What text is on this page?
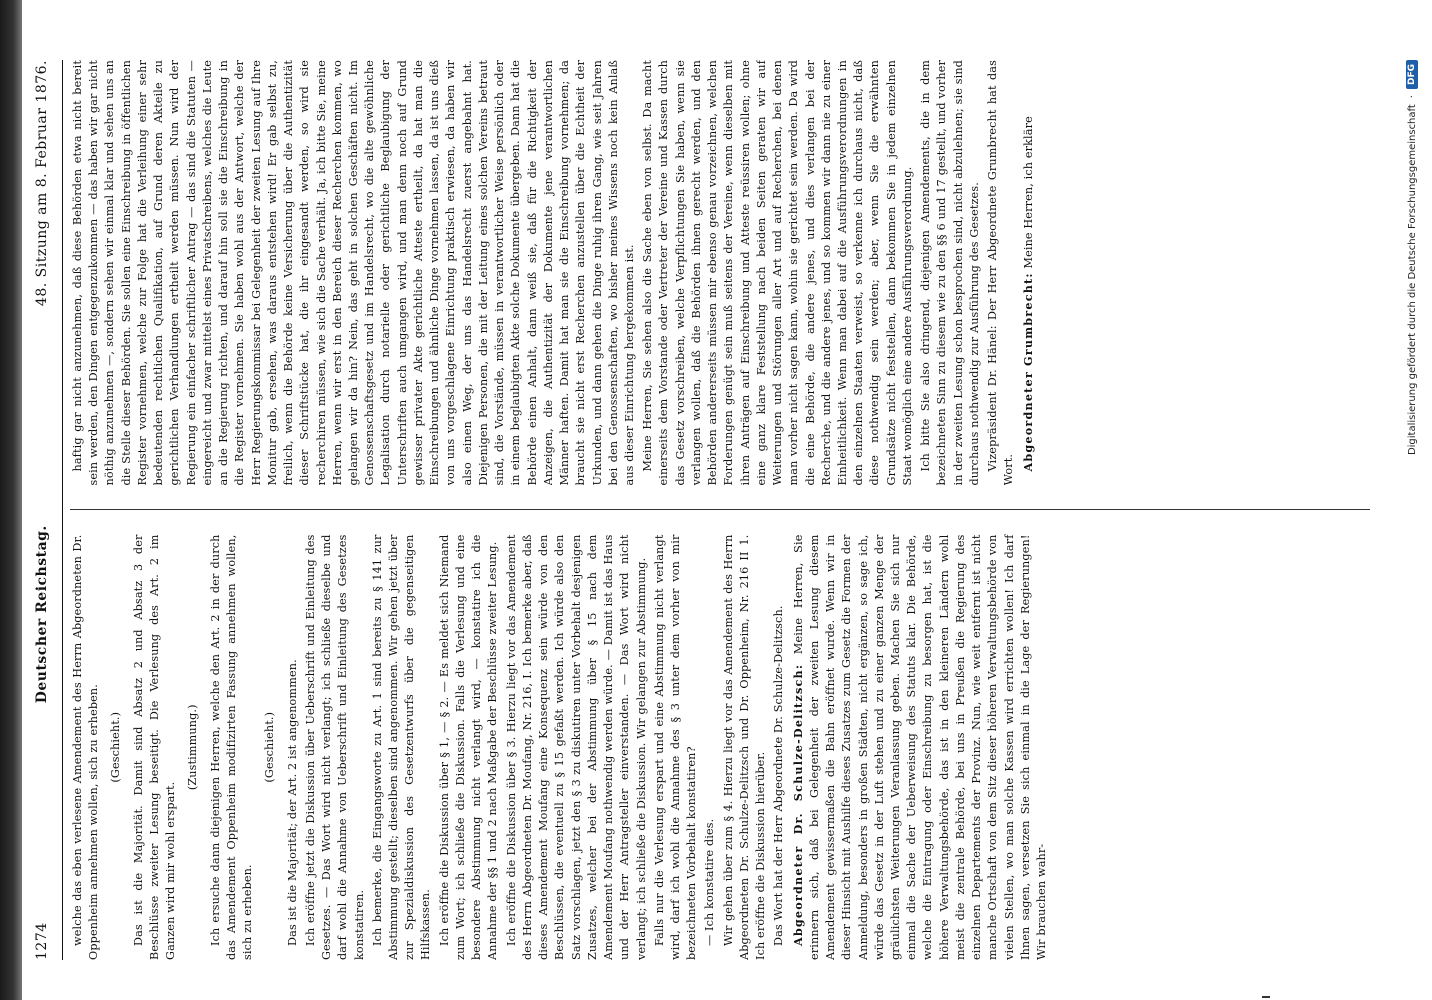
1274
Deutscher Reichstag.
48. Sitzung am 8. Februar 1876.

welche das eben verlesene Amendement des Herrn Abgeordneten Dr. Oppenheim annehmen wollen, sich zu erheben. (Geschieht.) Das ist die Majorität. Damit sind Absatz 2 und Absatz 3 der Beschlüsse zweiter Lesung beseitigt. Die Verlesung des Art. 2 im Ganzen wird mir wohl erspart.

(Zustimmung.) Ich ersuche dann diejenigen Herren, welche den Art. 2 in der durch das Amendement Oppenheim modifizirten Fassung annehmen wollen, sich zu erheben.

(Geschieht.) Das ist die Majorität; der Art. 2 ist angenommen. Ich eröffne jetzt die Diskussion über Ueberschrift und Einleitung des Gesetzes. — Das Wort wird nicht verlangt; ich schließe dieselbe und darf wohl die Annahme von Ueberschrift und Einleitung des Gesetzes konstatiren. Ich bemerke, die Eingangsworte zu Art. 1 sind bereits zu § 141 zur Abstimmung gestellt; dieselben sind angenommen. Wir gehen jetzt über zur Spezialdiskussion des Gesetzentwurfs über die gegenseitigen Hilfskassen. Ich eröffne die Diskussion über § 1, — § 2. — Es meldet sich Niemand zum Wort; ich schließe die Diskussion. Falls die Verlesung und eine besondere Abstimmung nicht verlangt wird, — konstatire ich die Annahme der §§ 1 und 2 nach Maßgabe der Beschlüsse zweiter Lesung. Ich eröffne die Diskussion über § 3. Hierzu liegt vor das Amendement des Herrn Abgeordneten Dr. Moufang, Nr. 216, I. Ich bemerke aber, daß dieses Amendement Moufang eine Konsequenz sein würde von den Beschlüssen, die eventuell zu § 15 gefaßt werden. Ich würde also den Satz vorschlagen, jetzt den § 3 zu diskutiren unter Vorbehalt desjenigen Zusatzes, welcher bei der Abstimmung über § 15 nach dem Amendement Moufang nothwendig werden würde. — Damit ist das Haus und der Herr Antragsteller einverstanden. — Das Wort wird nicht verlangt; ich schließe die Diskussion. Wir gelangen zur Abstimmung. Falls nur die Verlesung erspart und eine Abstimmung nicht verlangt wird, darf ich wohl die Annahme des § 3 unter dem vorher von mir bezeichneten Vorbehalt konstatiren? — Ich konstatire dies. Wir gehen über zum § 4. Hierzu liegt vor das Amendement des Herrn Abgeordneten Dr. Schulze-Delitzsch und Dr. Oppenheim, Nr. 216 II 1. Ich eröffne die Diskussion hierüber. Das Wort hat der Herr Abgeordnete Dr. Schulze-Delitzsch. Abgeordneter Dr. Schulze-Delitzsch: Meine Herren, Sie erinnern sich, daß bei Gelegenheit der zweiten Lesung diesem Amendement gewissermaßen die Bahn eröffnet wurde. Wenn wir in dieser Hinsicht mit Aushilfe dieses Zusatzes zum Gesetz die Formen der Anmeldung, besonders in großen Städten, nicht ergänzen, so sage ich, würde das Gesetz in der Luft stehen und zu einer ganzen Menge der gräulichsten Weiterungen Veranlassung geben. Machen Sie sich nur einmal die Sache der Ueberweisung des Statuts klar. Die Behörde, welche die Eintragung oder Einschreibung zu besorgen hat, ist die höhere Verwaltungsbehörde, das ist in den kleineren Ländern wohl meist die zentrale Behörde, bei uns in Preußen die Regierung des einzelnen Departements der Provinz. Nun, wie weit entfernt ist nicht manche Ortschaft von dem Sitz dieser höheren Verwaltungsbehörde von vielen Stellen, wo man solche Kassen wird errichten wollen! Ich darf Ihnen sagen, versetzen Sie sich einmal in die Lage der Regierungen! Wir brauchen wahr-

haftig gar nicht anzunehmen, daß diese Behörden etwa nicht bereit sein werden, den Dingen entgegenzukommen — das haben wir gar nicht nöthig anzunehmen —, sondern sehen wir einmal klar und sehen uns an die Stelle dieser Behörden. Sie sollen eine Einschreibung in öffentlichen Register vornehmen, welche zur Folge hat die Verleihung einer sehr bedeutenden rechtlichen Qualifikation, auf Grund deren Akteile zu gerichtlichen Verhandlungen ertheilt werden müssen. Nun wird der Regierung ein einfacher schriftlicher Antrag — das sind die Statuten — eingereicht und zwar mittelst eines Privatschreibens, welches die Leute an die Regierung richten, und darauf hin soll sie die Einschreibung in die Register vornehmen. Sie haben wohl aus der Antwort, welche der Herr Regierungskommissar bei Gelegenheit der zweiten Lesung auf Ihre Monitur gab, ersehen, was daraus entstehen wird! Er gab selbst zu, freilich, wenn die Behörde keine Versicherung über die Authentizität dieser Schriftstücke hat, die ihr eingesandt werden, so wird sie recherchiren müssen, wie sich die Sache verhält. Ja, ich bitte Sie, meine Herren, wenn wir erst in den Bereich dieser Recherchen kommen, wo gelangen wir da hin? Nein, das geht in solchen Geschäften nicht. Im Genossenschaftsgesetz und im Handelsrecht, wo die alte gewöhnliche Legalisation durch notarielle oder gerichtliche Beglaubigung der Unterschriften auch umgangen wird, und man denn noch auf Grund gewisser privater Akte gerichtliche Atteste ertheilt, da hat man die Einschreibungen und ähnliche Dinge vornehmen lassen, da ist uns dieß von uns vorgeschlagene Einrichtung praktisch erwiesen, da haben wir also einen Weg, der uns das Handelsrecht zuerst angebahnt hat. Diejenigen Personen, die mit der Leitung eines solchen Vereins betraut sind, die Vorstände, müssen in verantwortlicher Weise persönlich oder in einem beglaubigten Akte solche Dokumente übergeben. Dann hat die Behörde einen Anhalt, dann weiß sie, daß für die Richtigkeit der Anzeigen, die Authentizität der Dokumente jene verantwortlichen Männer haften. Damit hat man sie die Einschreibung vornehmen; da braucht sie nicht erst Recherchen anzustellen über die Echtheit der Urkunden, und dann gehen die Dinge ruhig ihren Gang, wie seit Jahren bei den Genossenschaften, wo bisher meines Wissens noch kein Anlaß aus dieser Einrichtung hergekommen ist. Meine Herren, Sie sehen also die Sache eben von selbst. Da macht einerseits dem Vorstande oder Vertreter der Vereine und Kassen durch das Gesetz vorschreiben, welche Verpflichtungen Sie haben, wenn sie verlangen wollen, daß die Behörden ihnen gerecht werden, und den Behörden andererseits müssen mir ebenso genau vorzeichnen, welchen Forderungen genügt sein muß seitens der Vereine, wenn dieselben mit ihren Anträgen auf Einschreibung und Atteste reüssiren wollen; ohne eine ganz klare Feststellung nach beiden Seiten geraten wir auf Weiterungen und Störungen aller Art und auf Recherchen, bei denen man vorher nicht sagen kann, wohin sie gerichtet sein werden. Da wird die eine Behörde, die andere jenes, und dies verlangen bei der Recherche, und die andere jenes, und so kommen wir dann nie zu einer Einheitlichkeit. Wenn man dabei auf die Ausführungsverordnungen in den einzelnen Staaten verweist, so verkenne ich durchaus nicht, daß diese nothwendig sein werden; aber, wenn Sie die erwähnten Grundsätze nicht feststellen, dann bekommen Sie in jedem einzelnen Staat womöglich eine andere Ausführungsverordnung. Ich bitte Sie also dringend, diejenigen Amendements, die in dem bezeichneten Sinn zu diesem wie zu den §§ 6 und 17 gestellt, und vorher in der zweiten Lesung schon besprochen sind, nicht abzulehnen; sie sind durchaus nothwendig zur Ausführung des Gesetzes. Vizepräsident Dr. Hänel: Der Herr Abgeordnete Grumbrecht hat das Wort. Abgeordneter Grumbrecht: Meine Herren, ich erkläre	Digitalisierung gefördert durch die Deutsche Forschungsgemeinschaft
·
DFG
